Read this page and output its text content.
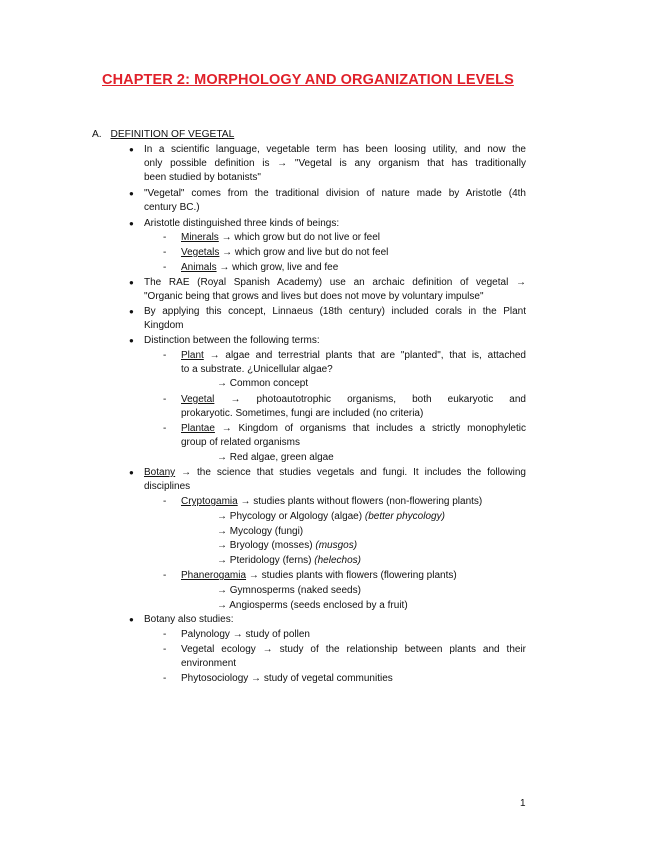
CHAPTER 2: MORPHOLOGY AND ORGANIZATION LEVELS
A. DEFINITION OF VEGETAL
● In a scientific language, vegetable term has been loosing utility, and now the
only possible definition is → "Vegetal is any organism that has traditionally
been studied by botanists"
● "Vegetal" comes from the traditional division of nature made by Aristotle (4th
century BC.)
● Aristotle distinguished three kinds of beings:
- Minerals → which grow but do not live or feel
- Vegetals → which grow and live but do not feel
- Animals → which grow, live and fee
● The RAE (Royal Spanish Academy) use an archaic definition of vegetal →
"Organic being that grows and lives but does not move by voluntary impulse"
● By applying this concept, Linnaeus (18th century) included corals in the Plant
Kingdom
● Distinction between the following terms:
- Plant → algae and terrestrial plants that are "planted", that is, attached
to a substrate. ¿Unicellular algae?
→ Common concept
- Vegetal → photoautotrophic organisms, both eukaryotic and
prokaryotic. Sometimes, fungi are included (no criteria)
- Plantae → Kingdom of organisms that includes a strictly monophyletic
group of related organisms
→ Red algae, green algae
● Botany → the science that studies vegetals and fungi. It includes the following
disciplines
- Cryptogamia → studies plants without flowers (non-flowering plants)
→ Phycology or Algology (algae) (better phycology)
→ Mycology (fungi)
→ Bryology (mosses) (musgos)
→ Pteridology (ferns) (helechos)
- Phanerogamia → studies plants with flowers (flowering plants)
→ Gymnosperms (naked seeds)
→ Angiosperms (seeds enclosed by a fruit)
● Botany also studies:
- Palynology → study of pollen
- Vegetal ecology → study of the relationship between plants and their
environment
- Phytosociology → study of vegetal communities
1
